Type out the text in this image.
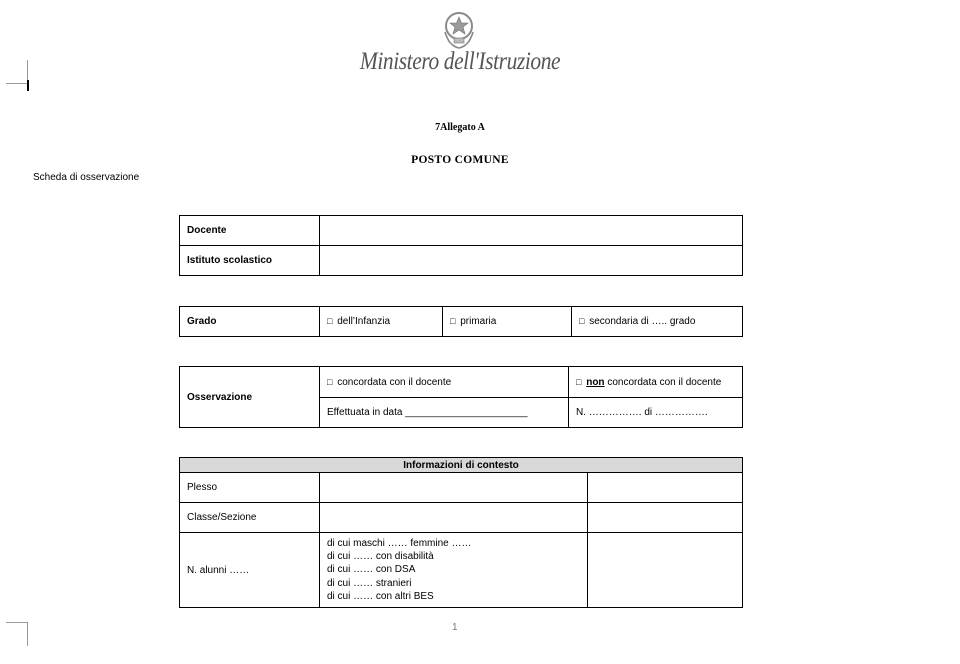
Ministero dell'Istruzione
7Allegato A
POSTO COMUNE
Scheda di osservazione
Docente	
Istituto scolastico	
Grado	□ dell’Infanzia	□ primaria	□ secondaria di ….. grado
Osservazione	□ concordata con il docente	□ non concordata con il docente
	Effettuata in data ______________________	N. ……………. di …………….
Informazioni di contesto		
Plesso		
Classe/Sezione		
N. alunni ……	di cui maschi …… femmine ……
di cui …… con disabilità
di cui …… con DSA
di cui …… stranieri
di cui …… con altri BES	

1
